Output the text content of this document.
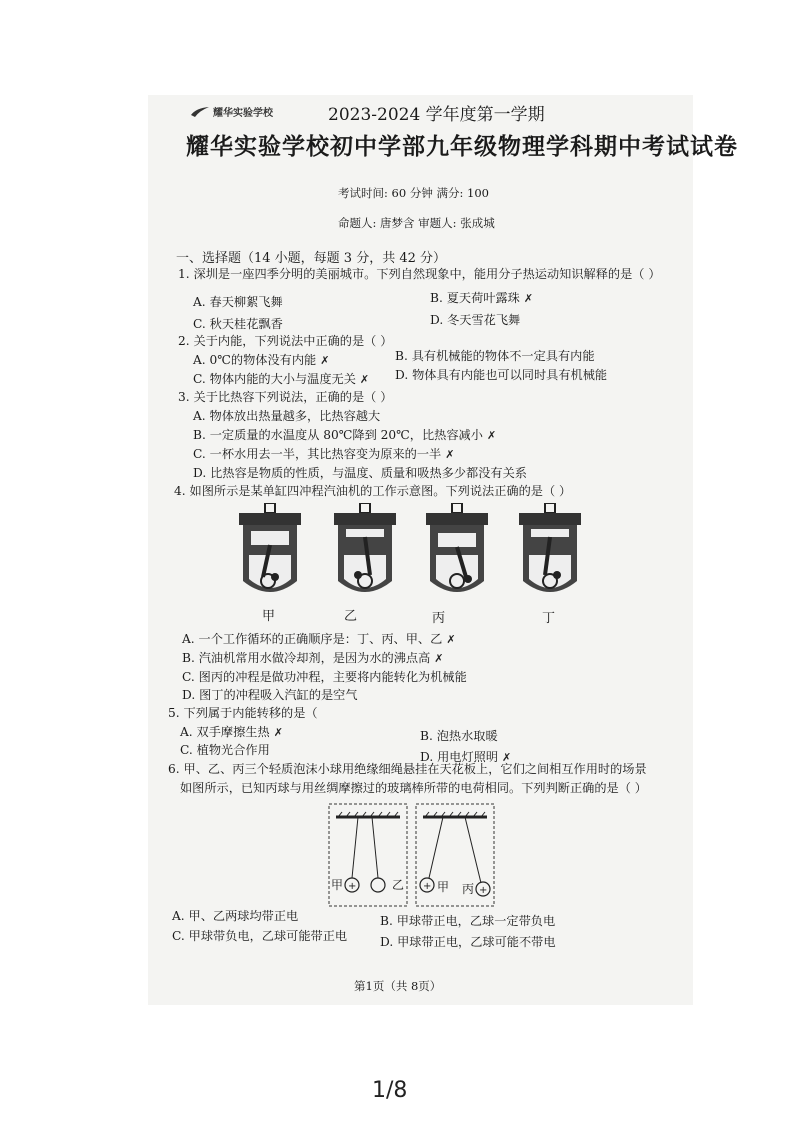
耀华实验学校	2023-2024 学年度第一学期
耀华实验学校初中学部九年级物理学科期中考试试卷
考试时间: 60 分钟 满分: 100
命题人: 唐梦含 审题人: 张成城
一、选择题（14 小题，每题 3 分，共 42 分）
1. 深圳是一座四季分明的美丽城市。下列自然现象中，能用分子热运动知识解释的是（ ）
A. 春天柳絮飞舞	B. 夏天荷叶露珠 ✗
C. 秋天桂花飘香	D. 冬天雪花飞舞
2. 关于内能，下列说法中正确的是（ ）
A. 0℃的物体没有内能 ✗	B. 具有机械能的物体不一定具有内能
C. 物体内能的大小与温度无关 ✗ D. 物体具有内能也可以同时具有机械能
3. 关于比热容下列说法，正确的是（ ）
A. 物体放出热量越多，比热容越大
B. 一定质量的水温度从 80℃降到 20℃，比热容减小 ✗
C. 一杯水用去一半，其比热容变为原来的一半 ✗
D. 比热容是物质的性质，与温度、质量和吸热多少都没有关系
4. 如图所示是某单缸四冲程汽油机的工作示意图。下列说法正确的是（ ）
甲	乙	丙	丁
A. 一个工作循环的正确顺序是：丁、丙、甲、乙 ✗
B. 汽油机常用水做冷却剂，是因为水的沸点高 ✗
C. 图丙的冲程是做功冲程，主要将内能转化为机械能
D. 图丁的冲程吸入汽缸的是空气
5. 下列属于内能转移的是（
A. 双手摩擦生热 ✗	B. 泡热水取暖
C. 植物光合作用	D. 用电灯照明 ✗
6. 甲、乙、丙三个轻质泡沫小球用绝缘细绳悬挂在天花板上，它们之间相互作用时的场景
如图所示，已知丙球与用丝绸摩擦过的玻璃棒所带的电荷相同。下列判断正确的是（ ）
+	+	+
甲	乙	甲 丙
A. 甲、乙两球均带正电	B. 甲球带正电，乙球一定带负电
C. 甲球带负电，乙球可能带正电	D. 甲球带正电，乙球可能不带电
第1页（共 8页）
1/8
